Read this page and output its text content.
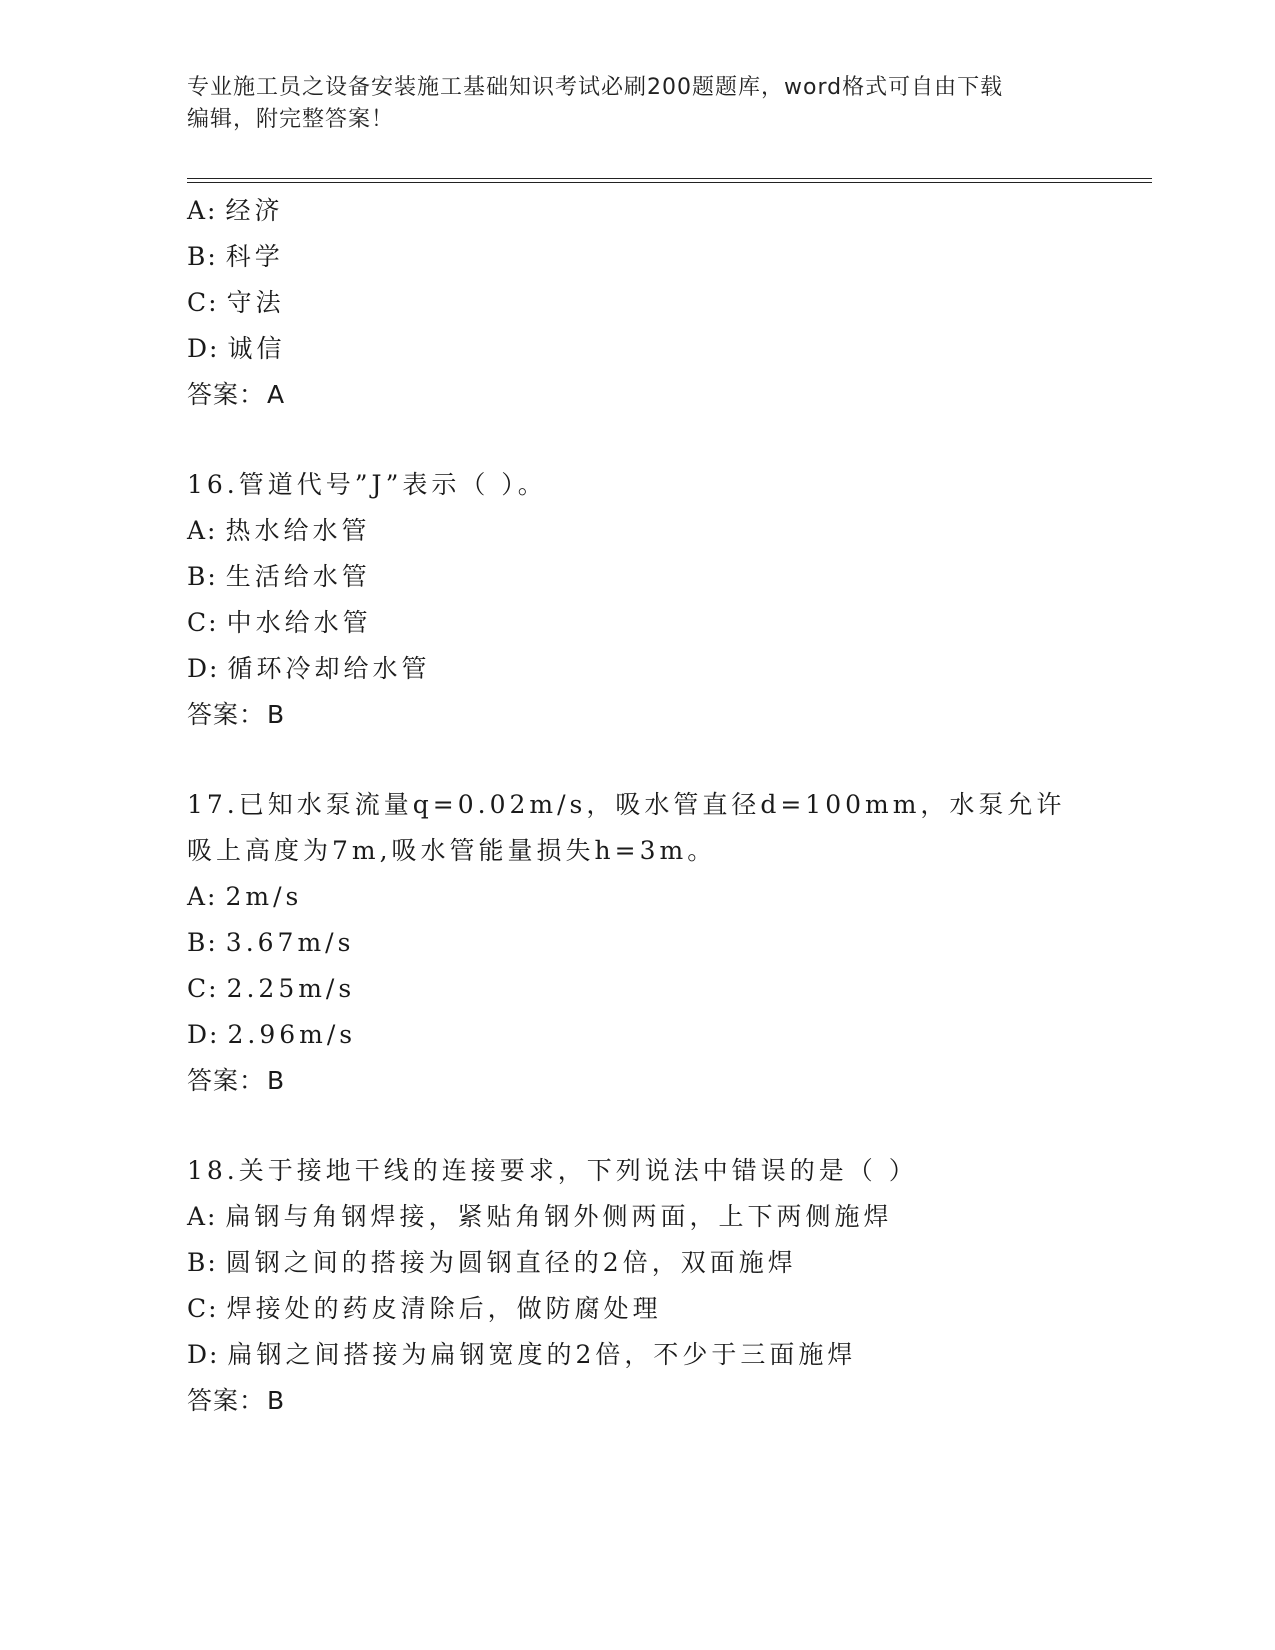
专业施工员之设备安装施工基础知识考试必刷200题题库，word格式可自由下载
编辑，附完整答案！
A: 经济
B: 科学
C: 守法
D: 诚信
答案：A
16.管道代号”J”表示（ ）。
A: 热水给水管
B: 生活给水管
C: 中水给水管
D: 循环冷却给水管
答案：B
17.已知水泵流量q=0.02m/s，吸水管直径d=100mm，水泵允许吸上高度为7m,吸水管能量损失h=3m。
A: 2m/s
B: 3.67m/s
C: 2.25m/s
D: 2.96m/s
答案：B
18.关于接地干线的连接要求，下列说法中错误的是（ ）
A: 扁钢与角钢焊接，紧贴角钢外侧两面，上下两侧施焊
B: 圆钢之间的搭接为圆钢直径的2倍，双面施焊
C: 焊接处的药皮清除后，做防腐处理
D: 扁钢之间搭接为扁钢宽度的2倍，不少于三面施焊
答案：B
